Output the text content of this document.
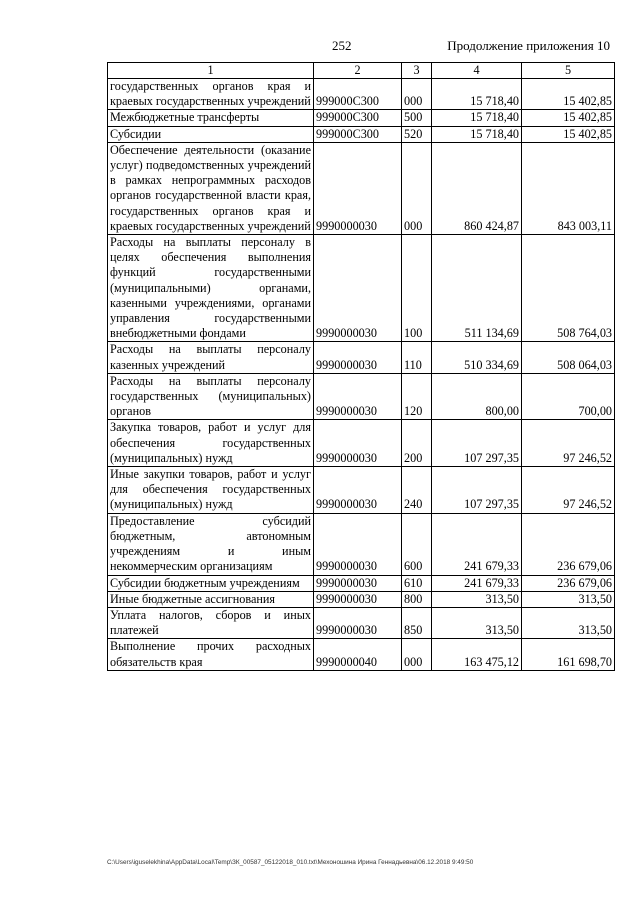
252	Продолжение приложения 10
1	2	3	4	5
государственных органов края и краевых государственных учреждений	999000С300	000	15 718,40	15 402,85
Межбюджетные трансферты	999000С300	500	15 718,40	15 402,85
Субсидии	999000С300	520	15 718,40	15 402,85
Обеспечение деятельности (оказание услуг) подведомственных учреждений в рамках непрограммных расходов органов государственной власти края, государственных органов края и краевых государственных учреждений	9990000030	000	860 424,87	843 003,11
Расходы на выплаты персоналу в целях обеспечения выполнения функций государственными (муниципальными) органами, казенными учреждениями, органами управления государственными внебюджетными фондами	9990000030	100	511 134,69	508 764,03
Расходы на выплаты персоналу казенных учреждений	9990000030	110	510 334,69	508 064,03
Расходы на выплаты персоналу государственных (муниципальных) органов	9990000030	120	800,00	700,00
Закупка товаров, работ и услуг для обеспечения государственных (муниципальных) нужд	9990000030	200	107 297,35	97 246,52
Иные закупки товаров, работ и услуг для обеспечения государственных (муниципальных) нужд	9990000030	240	107 297,35	97 246,52
Предоставление субсидий бюджетным, автономным учреждениям и иным некоммерческим организациям	9990000030	600	241 679,33	236 679,06
Субсидии бюджетным учреждениям	9990000030	610	241 679,33	236 679,06
Иные бюджетные ассигнования	9990000030	800	313,50	313,50
Уплата налогов, сборов и иных платежей	9990000030	850	313,50	313,50
Выполнение прочих расходных обязательств края	9990000040	000	163 475,12	161 698,70
C:\Users\iguselekhina\AppData\Local\Temp\ЗК_00587_05122018_010.txt\Мехоношина Ирина Геннадьевна\06.12.2018 9:49:50
